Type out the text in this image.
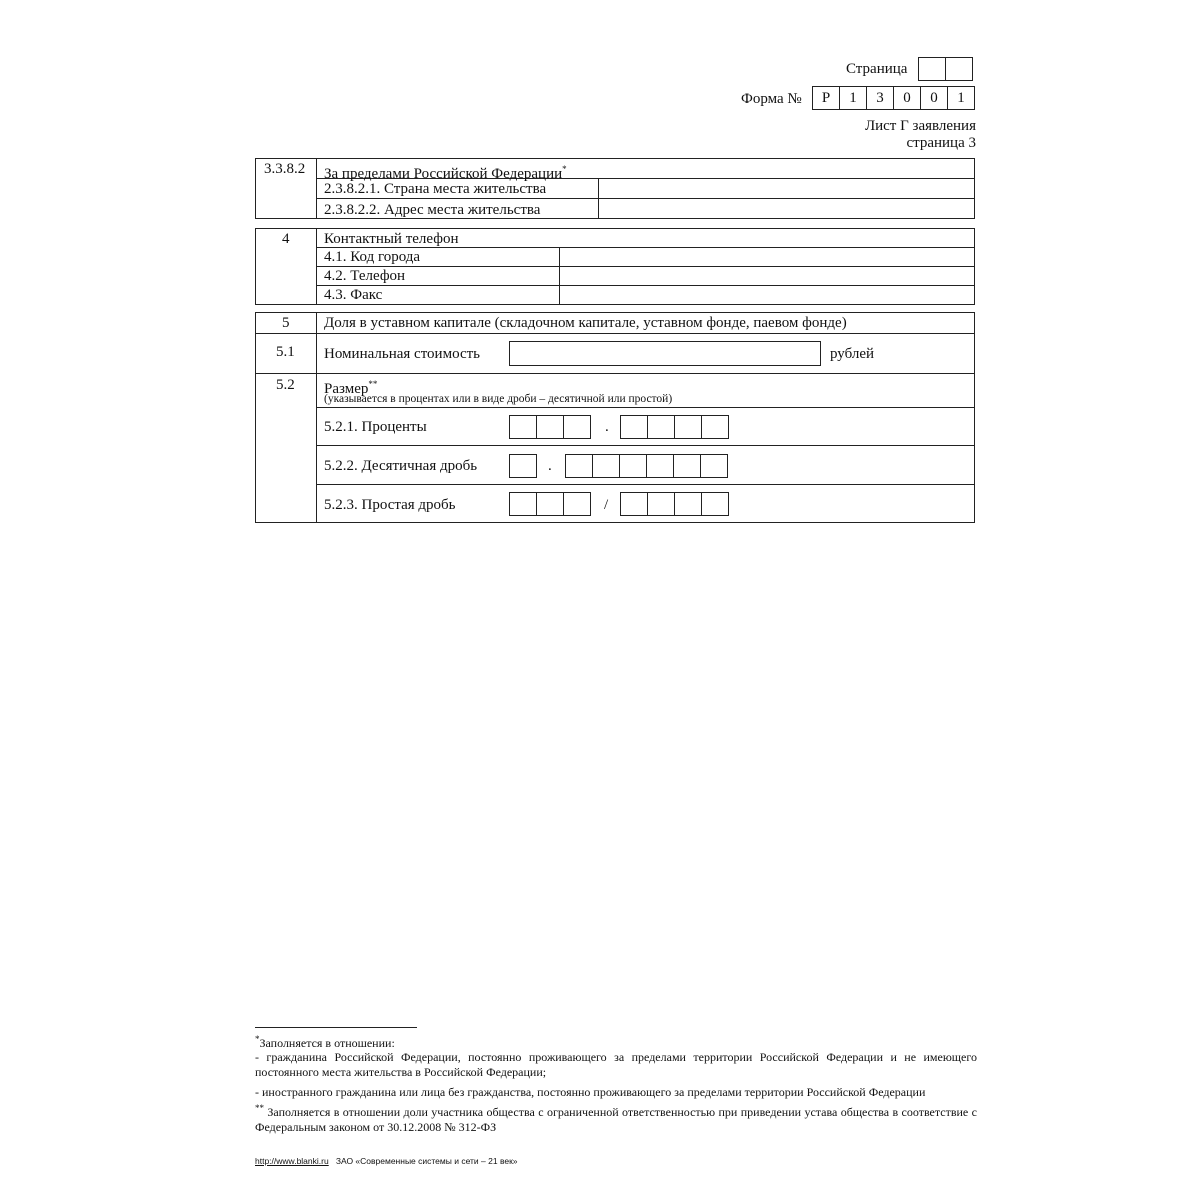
Страница
Форма №	Р	1	3	0	0	1
Лист Г заявления
страница 3
3.3.8.2 За пределами Российской Федерации*
2.3.8.2.1. Страна места жительства
2.3.8.2.2. Адрес места жительства
4 Контактный телефон
4.1. Код города
4.2. Телефон
4.3. Факс
5 Доля в уставном капитале (складочном капитале, уставном фонде, паевом фонде)
5.1 Номинальная стоимость	рублей
5.2 Размер**
(указывается в процентах или в виде дроби – десятичной или простой)
5.2.1. Проценты	.
5.2.2. Десятичная дробь	.
5.2.3. Простая дробь	/
*Заполняется в отношении:
- гражданина Российской Федерации, постоянно проживающего за пределами территории Российской Федерации и не имеющего постоянного места жительства в Российской Федерации;
- иностранного гражданина или лица без гражданства, постоянно проживающего за пределами территории Российской Федерации
** Заполняется в отношении доли участника общества с ограниченной ответственностью при приведении устава общества в соответствие с Федеральным законом от 30.12.2008 № 312-ФЗ
http://www.blanki.ru ЗАО «Современные системы и сети – 21 век»
